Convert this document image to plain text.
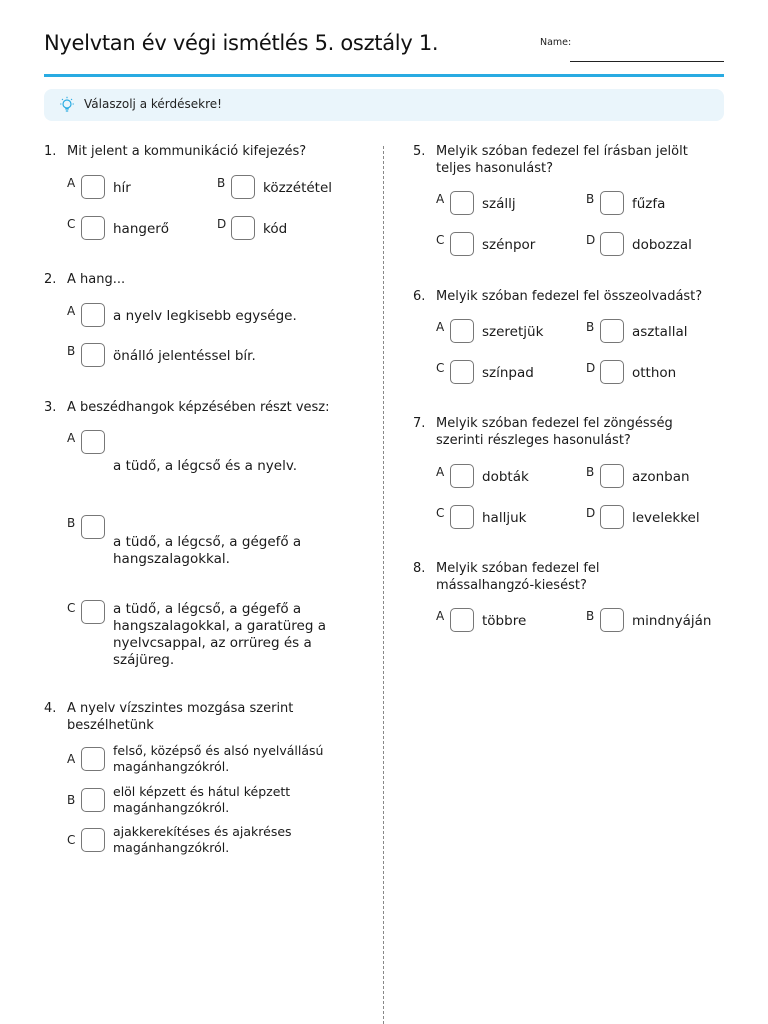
Nyelvtan év végi ismétlés 5. osztály 1.	Name:
Válaszolj a kérdésekre!
1. Mit jelent a kommunikáció kifejezés?
A	hír	B	közzététel
C	hangerő	D	kód
2. A hang...
A	a nyelv legkisebb egysége.
B	önálló jelentéssel bír.
3. A beszédhangok képzésében részt vesz:
A
a tüdő, a légcső és a nyelv.
B
a tüdő, a légcső, a gégefő a hangszalagokkal.
C	a tüdő, a légcső, a gégefő a hangszalagokkal, a garatüreg a nyelvcsappal, az orrüreg és a szájüreg.
4. A nyelv vízszintes mozgása szerint beszélhetünk
A
felső, középső és alsó nyelvállású magánhangzókról.
B
elöl képzett és hátul képzett magánhangzókról.
C
ajakkerekítéses és ajakréses magánhangzókról.
5. Melyik szóban fedezel fel írásban jelölt teljes hasonulást?
A	szállj	B	fűzfa
C	szénpor	D	dobozzal
6. Melyik szóban fedezel fel összeolvadást?
A	szeretjük	B	asztallal
C	színpad	D	otthon
7. Melyik szóban fedezel fel zöngésség szerinti részleges hasonulást?
A	dobták	B	azonban
C	halljuk	D	levelekkel
8. Melyik szóban fedezel fel mássalhangzó-kiesést?
A	többre	B	mindnyáján
